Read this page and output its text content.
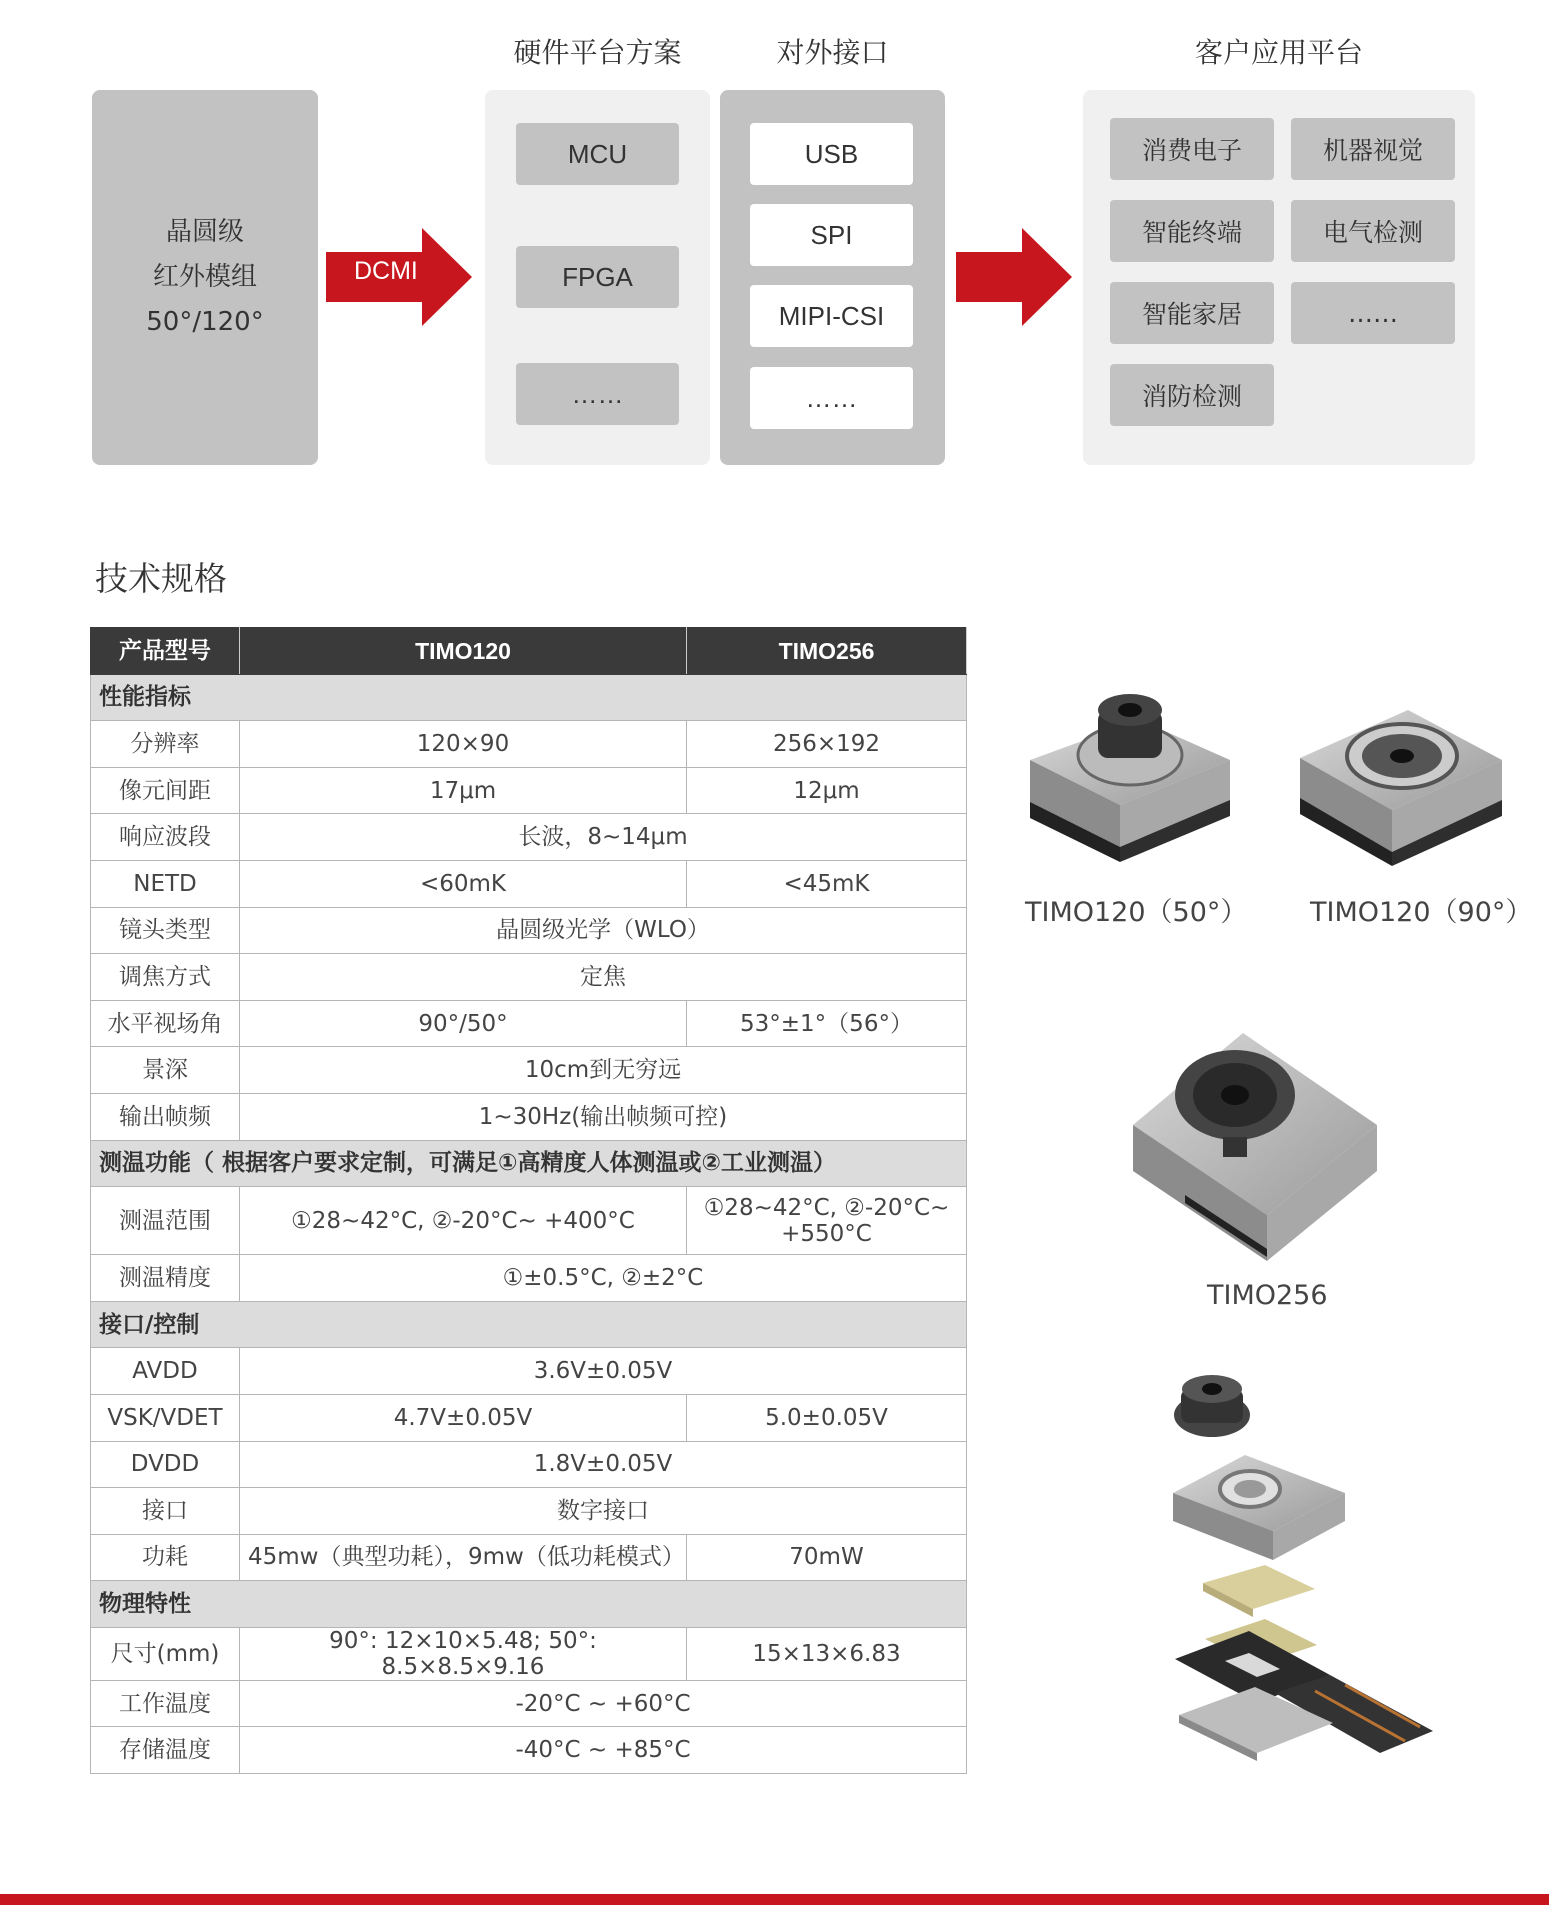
硬件平台方案	对外接口	客户应用平台
晶圆级
红外模组
50°/120°
DCMI
MCU
FPGA
……
USB
SPI
MIPI-CSI
……
消费电子	机器视觉
智能终端	电气检测
智能家居	……
消防检测
技术规格
产品型号	TIMO120	TIMO256
性能指标		
分辨率	120×90	256×192
像元间距	17μm	12μm
响应波段	长波，8~14μm	
NETD	<60mK	<45mK
镜头类型	晶圆级光学（WLO）	
调焦方式	定焦	
水平视场角	90°/50°	53°±1°（56°）
景深	10cm到无穷远	
输出帧频	1~30Hz(输出帧频可控)	
测温功能（ 根据客户要求定制，可满足①高精度人体测温或②工业测温）		
测温范围	①28~42°C, ②-20°C~ +400°C	①28~42°C, ②-20°C~ +550°C
测温精度	①±0.5°C, ②±2°C	
接口/控制		
AVDD	3.6V±0.05V	
VSK/VDET	4.7V±0.05V	5.0±0.05V
DVDD	1.8V±0.05V	
接口	数字接口	
功耗	45mw（典型功耗），9mw（低功耗模式）	70mW
物理特性		
尺寸(mm)	90°: 12×10×5.48; 50°: 8.5×8.5×9.16	15×13×6.83
工作温度	-20°C ~ +60°C	
存储温度	-40°C ~ +85°C	
TIMO120（50°） TIMO120（90°）
TIMO256
